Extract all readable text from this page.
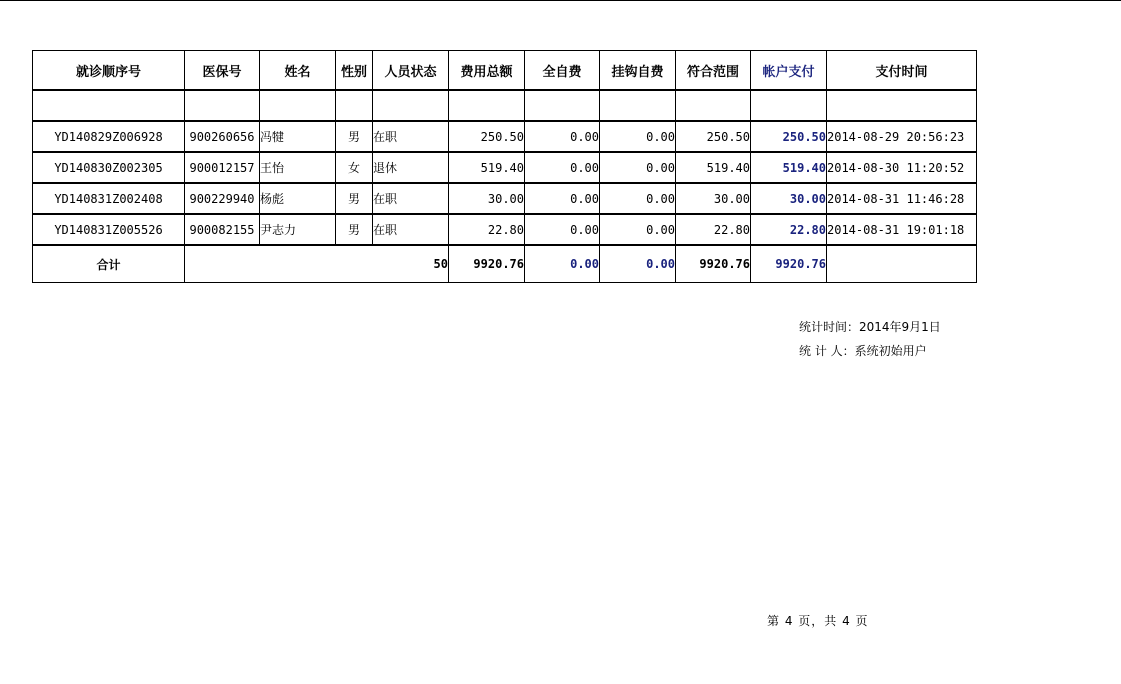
就诊顺序号	医保号	姓名	性别	人员状态	费用总额	全自费	挂钩自费	符合范围	帐户支付	支付时间

YD140829Z006928	900260656	冯犍	男	在职	250.50	0.00	0.00	250.50	250.50	2014-08-29 20:56:23
YD140830Z002305	900012157	王怡	女	退休	519.40	0.00	0.00	519.40	519.40	2014-08-30 11:20:52
YD140831Z002408	900229940	杨彪	男	在职	30.00	0.00	0.00	30.00	30.00	2014-08-31 11:46:28
YD140831Z005526	900082155	尹志力	男	在职	22.80	0.00	0.00	22.80	22.80	2014-08-31 19:01:18
合计	50				9920.76	0.00	0.00	9920.76	9920.76	
统计时间：2014年9月1日
统 计 人：系统初始用户
第 4 页，共 4 页
